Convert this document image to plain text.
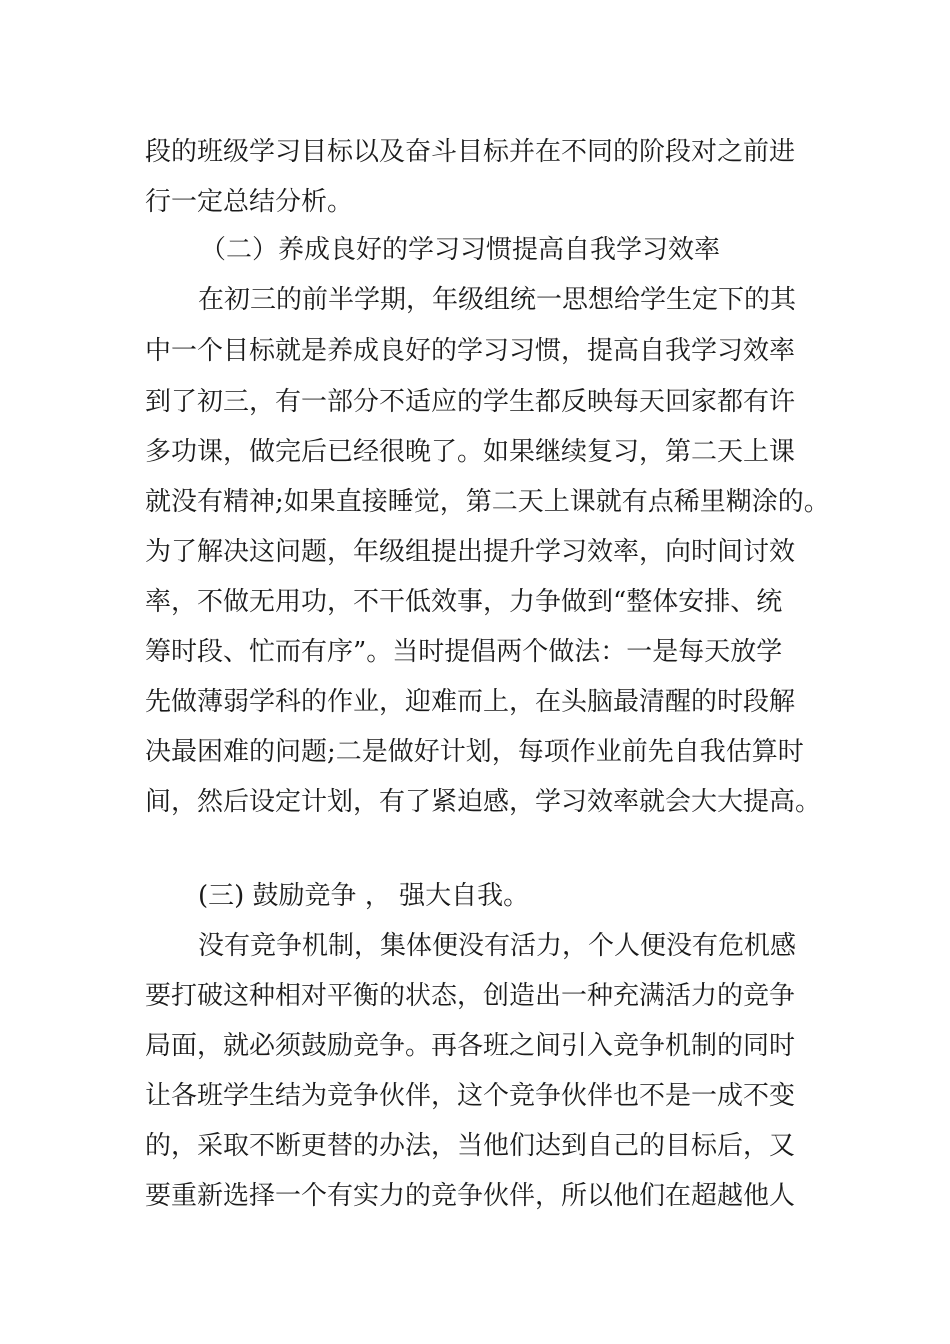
段的班级学习目标以及奋斗目标并在不同的阶段对之前进
行一定总结分析。
（二）养成良好的学习习惯提高自我学习效率
在初三的前半学期，年级组统一思想给学生定下的其
中一个目标就是养成良好的学习习惯，提高自我学习效率
到了初三，有一部分不适应的学生都反映每天回家都有许
多功课，做完后已经很晚了。如果继续复习，第二天上课
就没有精神;如果直接睡觉，第二天上课就有点稀里糊涂的。
为了解决这问题，年级组提出提升学习效率，向时间讨效
率，不做无用功，不干低效事，力争做到“整体安排、统
筹时段、忙而有序”。当时提倡两个做法：一是每天放学
先做薄弱学科的作业，迎难而上，在头脑最清醒的时段解
决最困难的问题;二是做好计划，每项作业前先自我估算时
间，然后设定计划，有了紧迫感，学习效率就会大大提高。
(三) 鼓励竞争 ， 强大自我。
没有竞争机制，集体便没有活力，个人便没有危机感
要打破这种相对平衡的状态，创造出一种充满活力的竞争
局面，就必须鼓励竞争。再各班之间引入竞争机制的同时
让各班学生结为竞争伙伴，这个竞争伙伴也不是一成不变
的，采取不断更替的办法，当他们达到自己的目标后，又
要重新选择一个有实力的竞争伙伴，所以他们在超越他人
